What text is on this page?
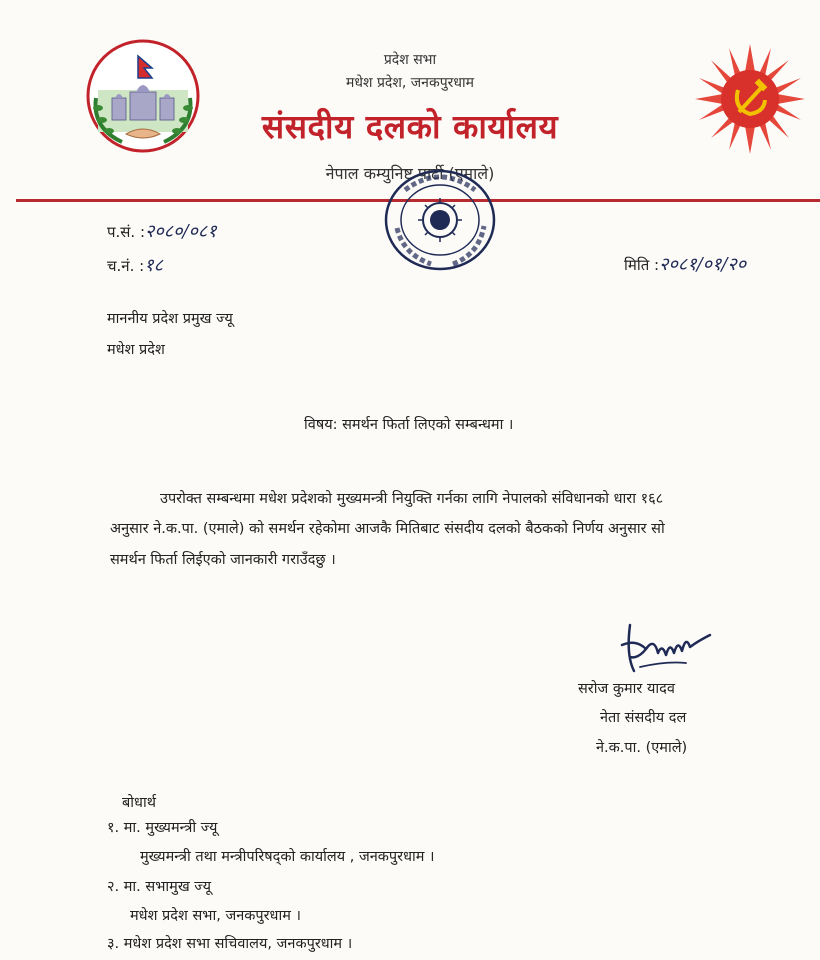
प्रदेश सभा
मधेश प्रदेश, जनकपुरधाम
संसदीय दलको कार्यालय
नेपाल कम्युनिष्ट पार्टी (एमाले)
प.सं. :२०८०/०८१
च.नं. :१८	मिति :२०८१/०१/२०
माननीय प्रदेश प्रमुख ज्यू
मधेश प्रदेश
विषय: समर्थन फिर्ता लिएको सम्बन्धमा ।
उपरोक्त सम्बन्धमा मधेश प्रदेशको मुख्यमन्त्री नियुक्ति गर्नका लागि नेपालको संविधानको धारा १६८
अनुसार ने.क.पा. (एमाले) को समर्थन रहेकोमा आजकै मितिबाट संसदीय दलको बैठकको निर्णय अनुसार सो
समर्थन फिर्ता लिईएको जानकारी गराउँदछु ।
सरोज कुमार यादव
नेता संसदीय दल
ने.क.पा. (एमाले)
बोधार्थ
१. मा. मुख्यमन्त्री ज्यू
मुख्यमन्त्री तथा मन्त्रीपरिषद्को कार्यालय , जनकपुरधाम ।
२. मा. सभामुख ज्यू
मधेश प्रदेश सभा, जनकपुरधाम ।
३. मधेश प्रदेश सभा सचिवालय, जनकपुरधाम ।
